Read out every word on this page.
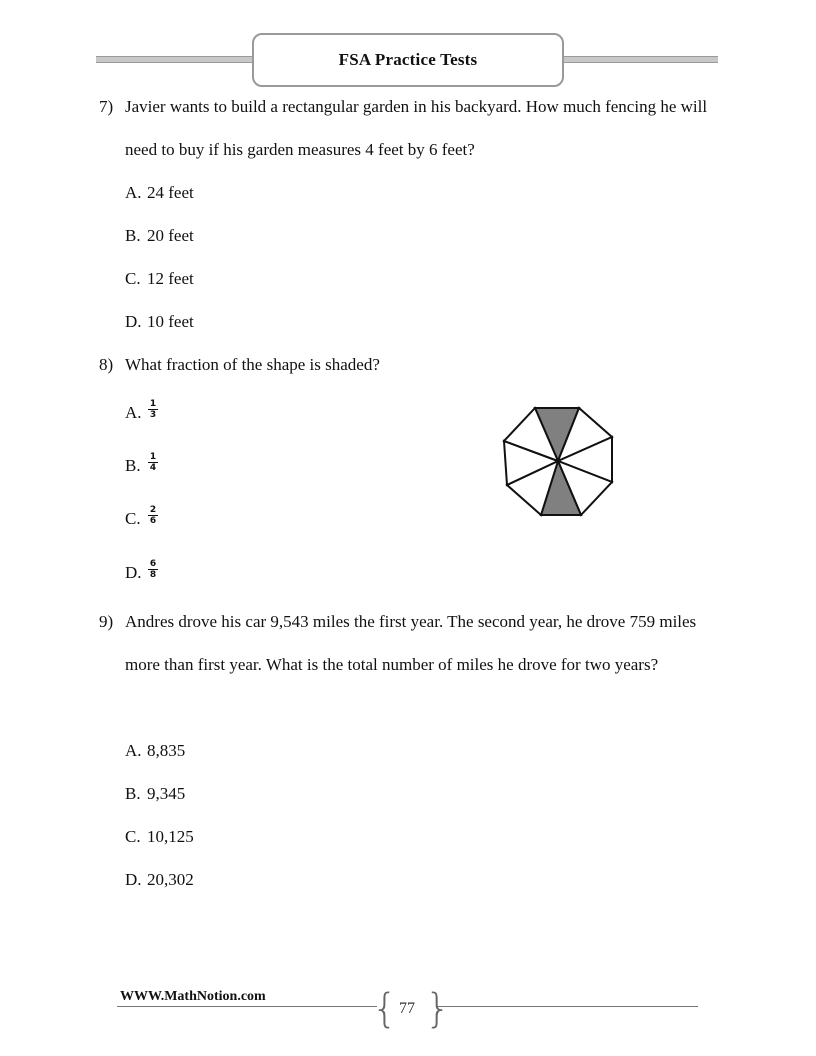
FSA Practice Tests
7) Javier wants to build a rectangular garden in his backyard. How much fencing he will need to buy if his garden measures 4 feet by 6 feet?
A. 24 feet
B. 20 feet
C. 12 feet
D. 10 feet
8) What fraction of the shape is shaded?
A. $\frac{1}{3}$
B. $\frac{1}{4}$
C. $\frac{2}{6}$
D. $\frac{6}{8}$
9) Andres drove his car 9,543 miles the first year. The second year, he drove 759 miles more than first year. What is the total number of miles he drove for two years?
A. 8,835
B. 9,345
C. 10,125
D. 20,302
WWW.MathNotion.com	{ }
77
